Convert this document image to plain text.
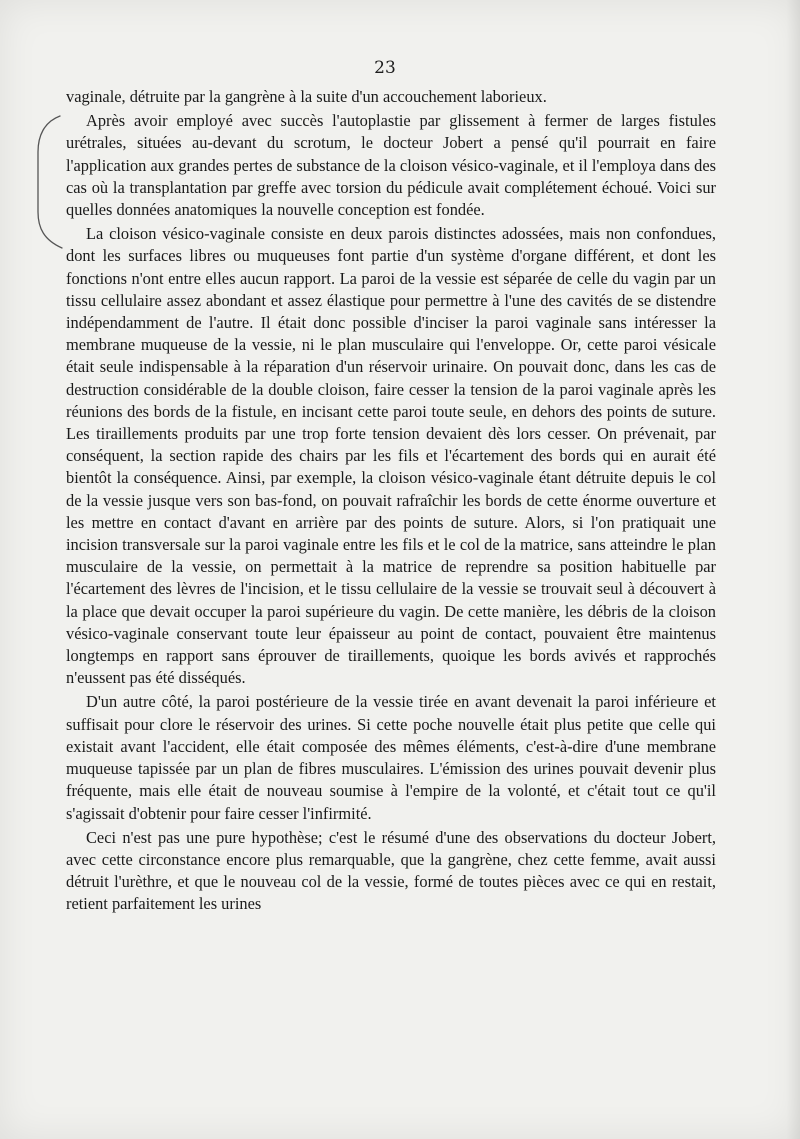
23

vaginale, détruite par la gangrène à la suite d'un accouchement laborieux.

Après avoir employé avec succès l'autoplastie par glissement à fermer de larges fistules urétrales, situées au-devant du scrotum, le docteur Jobert a pensé qu'il pourrait en faire l'application aux grandes pertes de substance de la cloison vésico-vaginale, et il l'employa dans des cas où la transplantation par greffe avec torsion du pédicule avait complétement échoué. Voici sur quelles données anatomiques la nouvelle conception est fondée.

La cloison vésico-vaginale consiste en deux parois distinctes adossées, mais non confondues, dont les surfaces libres ou muqueuses font partie d'un système d'organe différent, et dont les fonctions n'ont entre elles aucun rapport. La paroi de la vessie est séparée de celle du vagin par un tissu cellulaire assez abondant et assez élastique pour permettre à l'une des cavités de se distendre indépendamment de l'autre. Il était donc possible d'inciser la paroi vaginale sans intéresser la membrane muqueuse de la vessie, ni le plan musculaire qui l'enveloppe. Or, cette paroi vésicale était seule indispensable à la réparation d'un réservoir urinaire. On pouvait donc, dans les cas de destruction considérable de la double cloison, faire cesser la tension de la paroi vaginale après les réunions des bords de la fistule, en incisant cette paroi toute seule, en dehors des points de suture. Les tiraillements produits par une trop forte tension devaient dès lors cesser. On prévenait, par conséquent, la section rapide des chairs par les fils et l'écartement des bords qui en aurait été bientôt la conséquence. Ainsi, par exemple, la cloison vésico-vaginale étant détruite depuis le col de la vessie jusque vers son bas-fond, on pouvait rafraîchir les bords de cette énorme ouverture et les mettre en contact d'avant en arrière par des points de suture. Alors, si l'on pratiquait une incision transversale sur la paroi vaginale entre les fils et le col de la matrice, sans atteindre le plan musculaire de la vessie, on permettait à la matrice de reprendre sa position habituelle par l'écartement des lèvres de l'incision, et le tissu cellulaire de la vessie se trouvait seul à découvert à la place que devait occuper la paroi supérieure du vagin. De cette manière, les débris de la cloison vésico-vaginale conservant toute leur épaisseur au point de contact, pouvaient être maintenus longtemps en rapport sans éprouver de tiraillements, quoique les bords avivés et rapprochés n'eussent pas été disséqués.

D'un autre côté, la paroi postérieure de la vessie tirée en avant devenait la paroi inférieure et suffisait pour clore le réservoir des urines. Si cette poche nouvelle était plus petite que celle qui existait avant l'accident, elle était composée des mêmes éléments, c'est-à-dire d'une membrane muqueuse tapissée par un plan de fibres musculaires. L'émission des urines pouvait devenir plus fréquente, mais elle était de nouveau soumise à l'empire de la volonté, et c'était tout ce qu'il s'agissait d'obtenir pour faire cesser l'infirmité.

Ceci n'est pas une pure hypothèse; c'est le résumé d'une des observations du docteur Jobert, avec cette circonstance encore plus remarquable, que la gangrène, chez cette femme, avait aussi détruit l'urèthre, et que le nouveau col de la vessie, formé de toutes pièces avec ce qui en restait, retient parfaitement les urines
